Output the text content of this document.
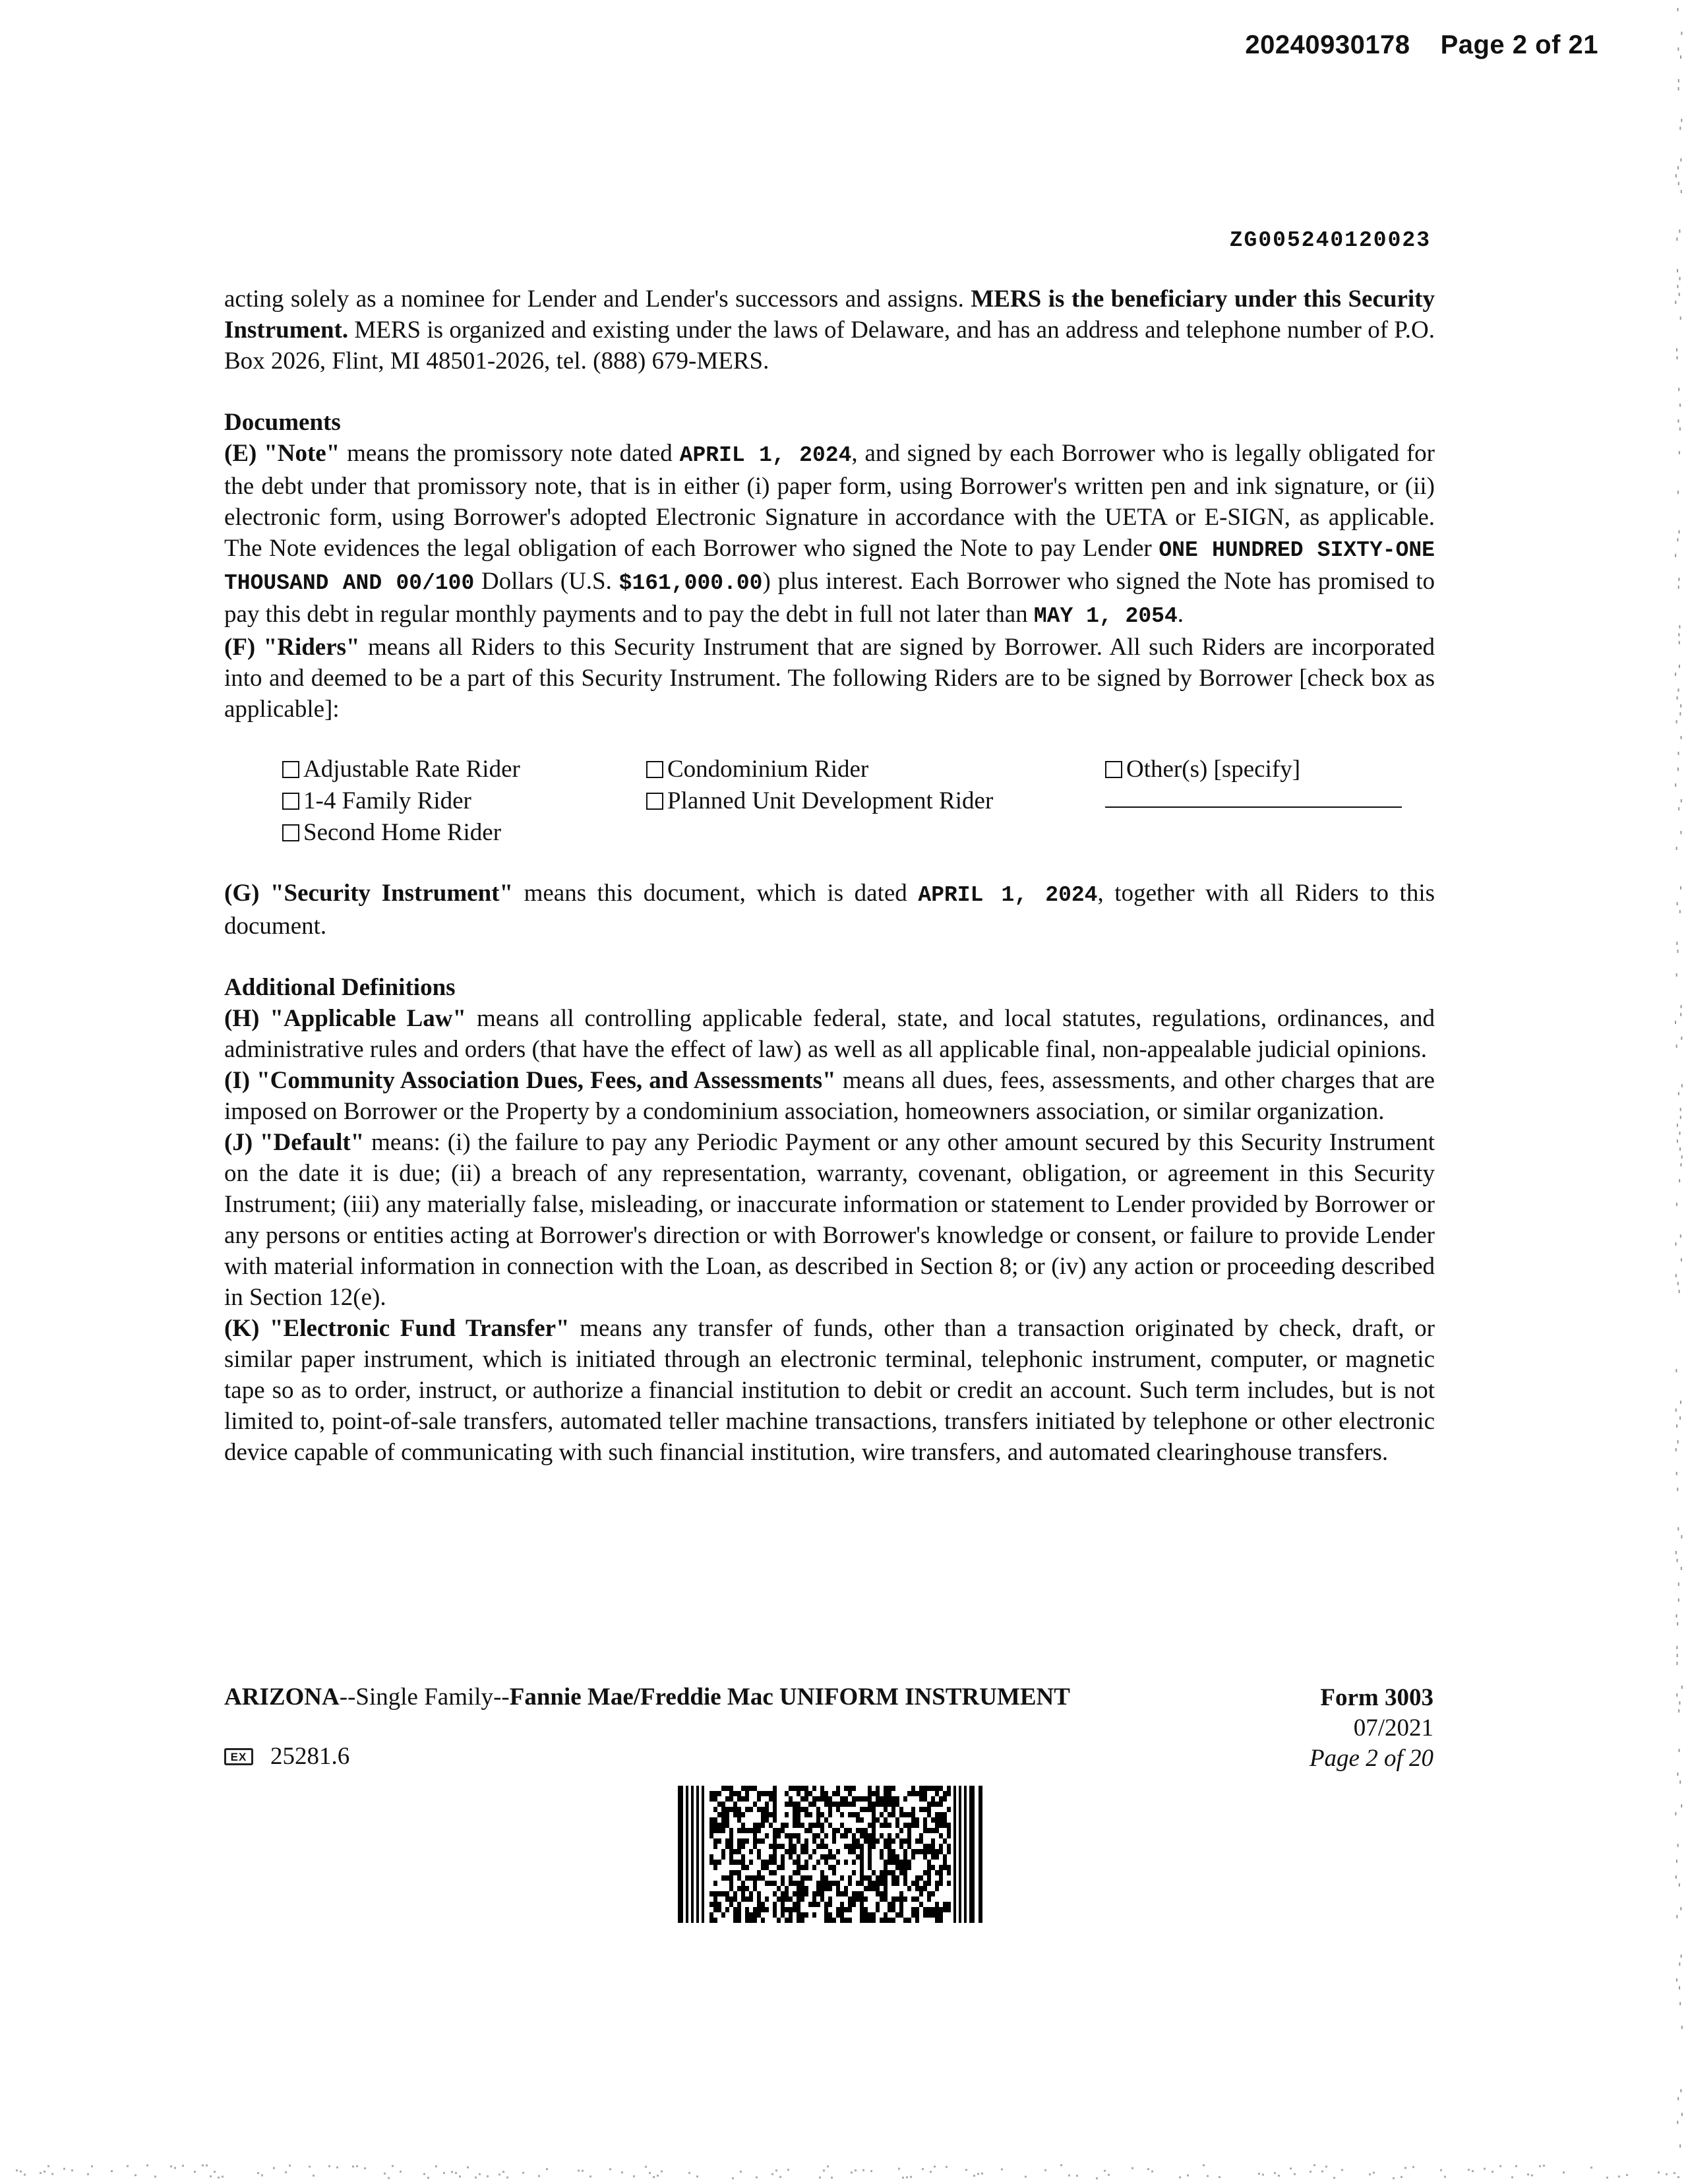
20240930178 Page 2 of 21
ZG005240120023

acting solely as a nominee for Lender and Lender's successors and assigns. MERS is the beneficiary under this Security Instrument. MERS is organized and existing under the laws of Delaware, and has an address and telephone number of P.O. Box 2026, Flint, MI 48501-2026, tel. (888) 679-MERS.

Documents

(E) "Note" means the promissory note dated APRIL 1, 2024, and signed by each Borrower who is legally obligated for the debt under that promissory note, that is in either (i) paper form, using Borrower's written pen and ink signature, or (ii) electronic form, using Borrower's adopted Electronic Signature in accordance with the UETA or E-SIGN, as applicable. The Note evidences the legal obligation of each Borrower who signed the Note to pay Lender ONE HUNDRED SIXTY-ONE THOUSAND AND 00/100 Dollars (U.S. $161,000.00) plus interest. Each Borrower who signed the Note has promised to pay this debt in regular monthly payments and to pay the debt in full not later than MAY 1, 2054.

(F) "Riders" means all Riders to this Security Instrument that are signed by Borrower. All such Riders are incorporated into and deemed to be a part of this Security Instrument. The following Riders are to be signed by Borrower [check box as applicable]:

Adjustable Rate Rider
1-4 Family Rider
Second Home Rider
Condominium Rider
Planned Unit Development Rider
Other(s) [specify]

(G) "Security Instrument" means this document, which is dated APRIL 1, 2024, together with all Riders to this document.

Additional Definitions

(H) "Applicable Law" means all controlling applicable federal, state, and local statutes, regulations, ordinances, and administrative rules and orders (that have the effect of law) as well as all applicable final, non-appealable judicial opinions.

(I) "Community Association Dues, Fees, and Assessments" means all dues, fees, assessments, and other charges that are imposed on Borrower or the Property by a condominium association, homeowners association, or similar organization.

(J) "Default" means: (i) the failure to pay any Periodic Payment or any other amount secured by this Security Instrument on the date it is due; (ii) a breach of any representation, warranty, covenant, obligation, or agreement in this Security Instrument; (iii) any materially false, misleading, or inaccurate information or statement to Lender provided by Borrower or any persons or entities acting at Borrower's direction or with Borrower's knowledge or consent, or failure to provide Lender with material information in connection with the Loan, as described in Section 8; or (iv) any action or proceeding described in Section 12(e).

(K) "Electronic Fund Transfer" means any transfer of funds, other than a transaction originated by check, draft, or similar paper instrument, which is initiated through an electronic terminal, telephonic instrument, computer, or magnetic tape so as to order, instruct, or authorize a financial institution to debit or credit an account. Such term includes, but is not limited to, point-of-sale transfers, automated teller machine transactions, transfers initiated by telephone or other electronic device capable of communicating with such financial institution, wire transfers, and automated clearinghouse transfers.

ARIZONA--Single Family--Fannie Mae/Freddie Mac UNIFORM INSTRUMENT	Form 3003
07/2021
Page 2 of 20
EX 25281.6
